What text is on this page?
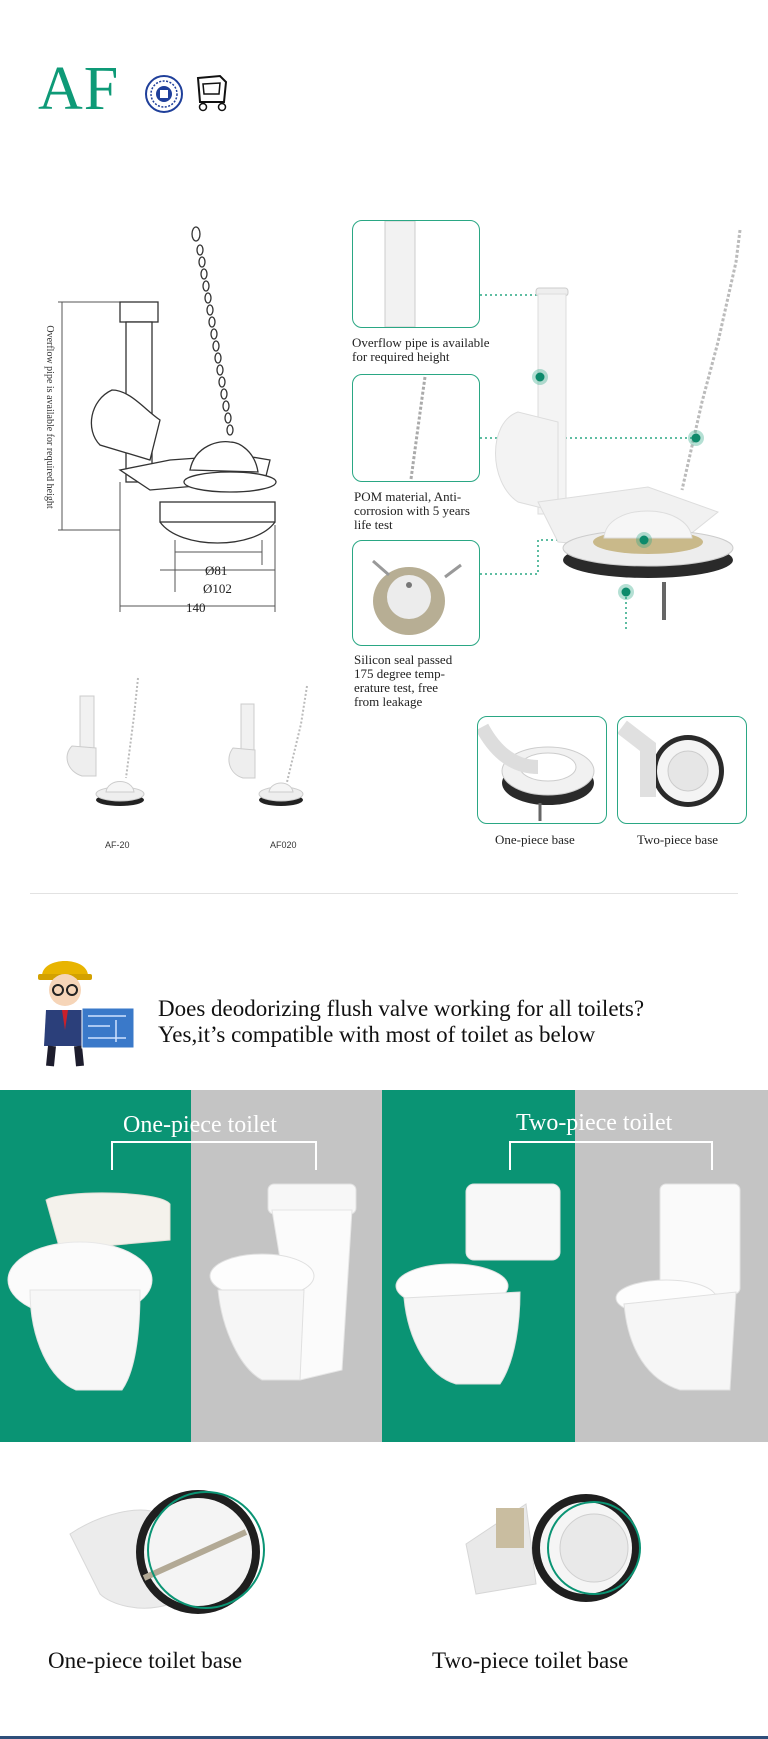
AF
Overflow pipe is available for required height
Ø81
Ø102
140
Overflow pipe is available
for required height
POM material, Anti-
corrosion with 5 years
life test
Silicon seal passed
175 degree temp-
erature test, free
from leakage
One-piece base	Two-piece base
AF-20	AF020
Does deodorizing flush valve working for all toilets?
Yes,it’s compatible with most of toilet as below
One-piece toilet	Two-piece toilet
One-piece toilet base	Two-piece toilet base
